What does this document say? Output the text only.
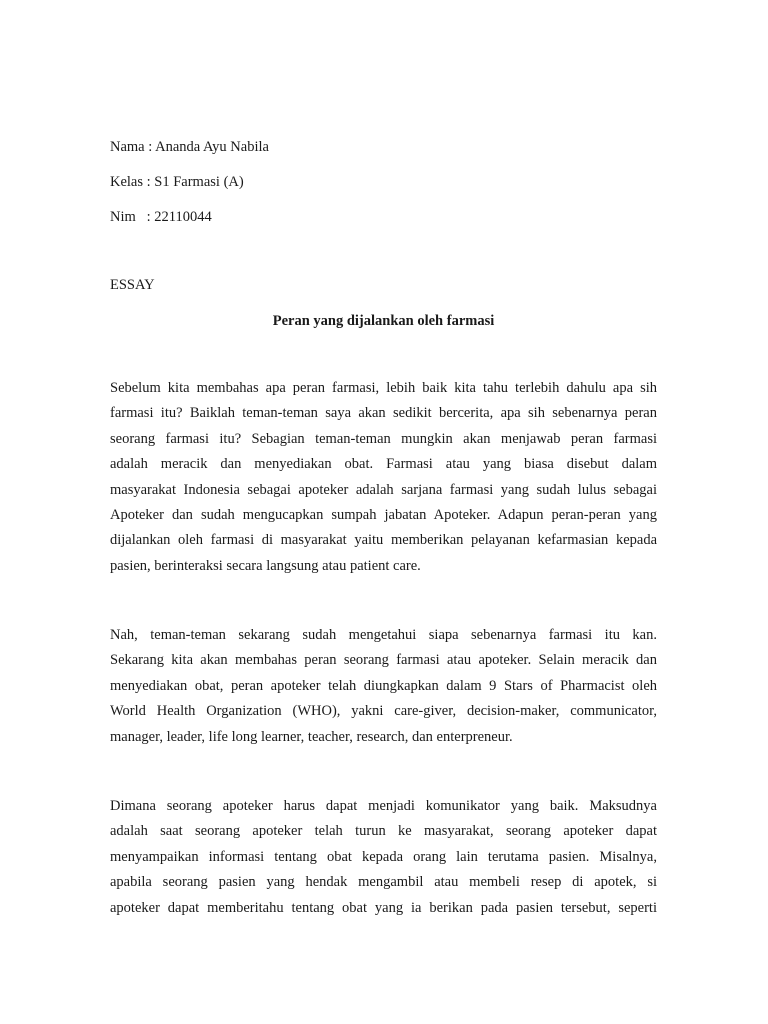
Nama : Ananda Ayu Nabila

Kelas : S1 Farmasi (A)

Nim   : 22110044

ESSAY

Peran yang dijalankan oleh farmasi

Sebelum kita membahas apa peran farmasi, lebih baik kita tahu terlebih dahulu apa sih
farmasi itu? Baiklah teman-teman saya akan sedikit bercerita, apa sih sebenarnya peran
seorang farmasi itu? Sebagian teman-teman mungkin akan menjawab peran farmasi
adalah meracik dan menyediakan obat. Farmasi atau yang biasa disebut dalam
masyarakat Indonesia sebagai apoteker adalah sarjana farmasi yang sudah lulus sebagai
Apoteker dan sudah mengucapkan sumpah jabatan Apoteker. Adapun peran-peran yang
dijalankan oleh farmasi di masyarakat yaitu memberikan pelayanan kefarmasian kepada
pasien, berinteraksi secara langsung atau patient care.
Nah, teman-teman sekarang sudah mengetahui siapa sebenarnya farmasi itu kan.
Sekarang kita akan membahas peran seorang farmasi atau apoteker. Selain meracik dan
menyediakan obat, peran apoteker telah diungkapkan dalam 9 Stars of Pharmacist oleh
World Health Organization (WHO), yakni care-giver, decision-maker, communicator,
manager, leader, life long learner, teacher, research, dan enterpreneur.
Dimana seorang apoteker harus dapat menjadi komunikator yang baik. Maksudnya
adalah saat seorang apoteker telah turun ke masyarakat, seorang apoteker dapat
menyampaikan informasi tentang obat kepada orang lain terutama pasien. Misalnya,
apabila seorang pasien yang hendak mengambil atau membeli resep di apotek, si
apoteker dapat memberitahu tentang obat yang ia berikan pada pasien tersebut, seperti
